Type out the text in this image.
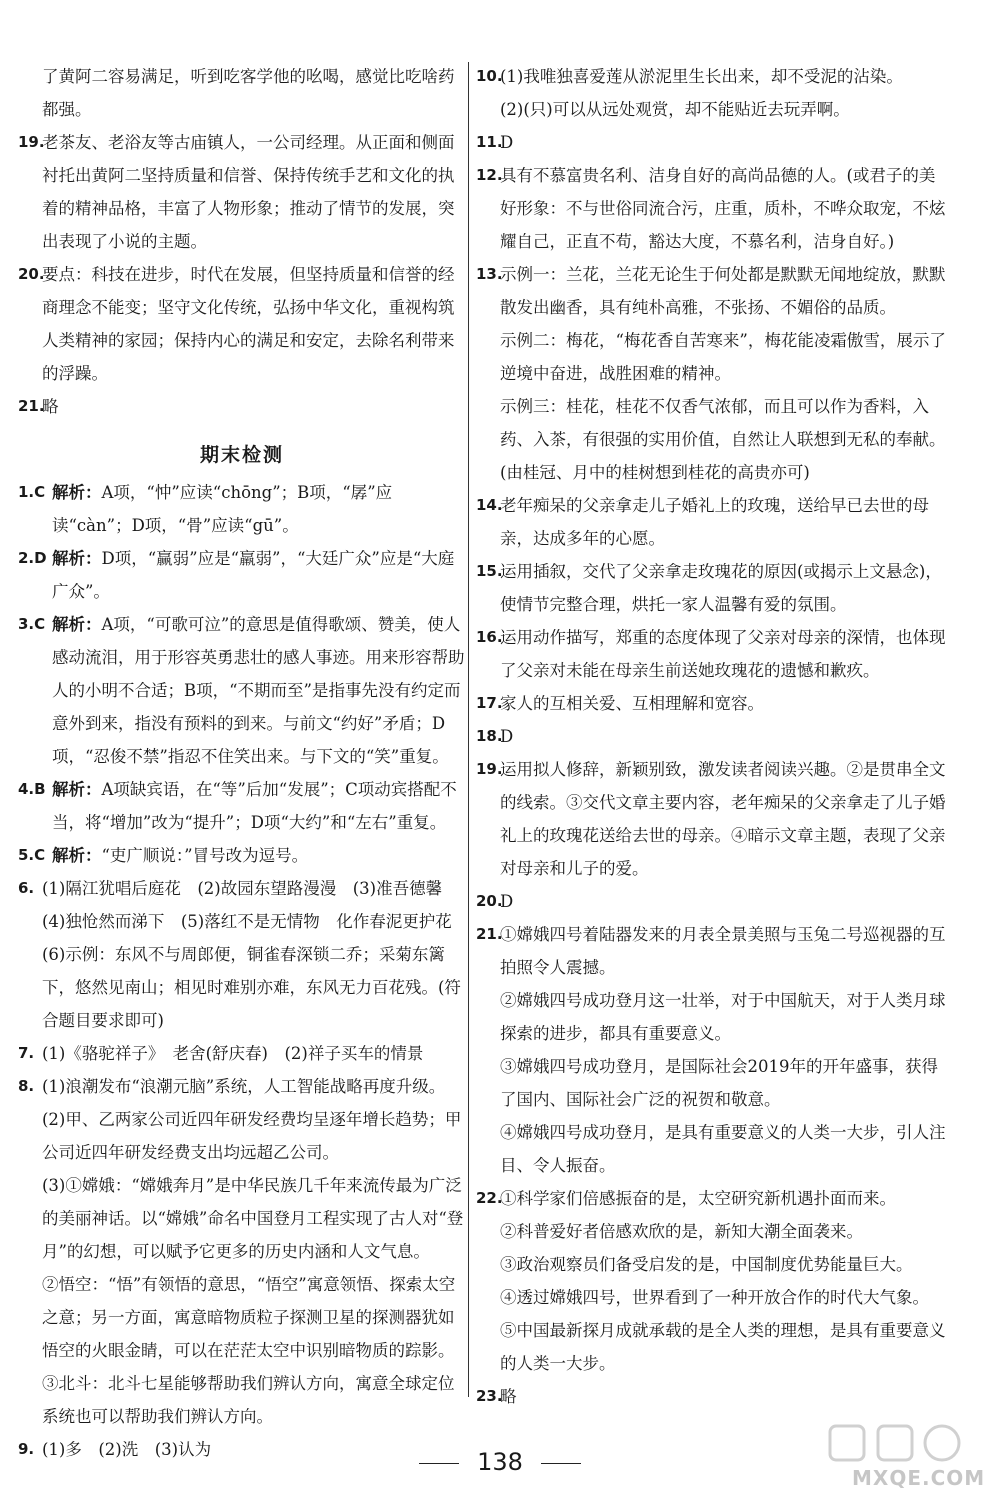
了黄阿二容易满足，听到吃客学他的吆喝，感觉比吃啥药都强。
19.
老茶友、老浴友等古庙镇人，一公司经理。从正面和侧面衬托出黄阿二坚持质量和信誉、保持传统手艺和文化的执着的精神品格，丰富了人物形象；推动了情节的发展，突出表现了小说的主题。
20.
要点：科技在进步，时代在发展，但坚持质量和信誉的经商理念不能变；坚守文化传统，弘扬中华文化，重视构筑人类精神的家园；保持内心的满足和安定，去除名利带来的浮躁。
21.
略
期末检测
1.C 解析：A项，“忡”应读“chōng”；B项，“孱”应读“càn”；D项，“骨”应读“gū”。
2.D 解析：D项，“赢弱”应是“羸弱”，“大廷广众”应是“大庭广众”。
3.C 解析：A项，“可歌可泣”的意思是值得歌颂、赞美，使人感动流泪，用于形容英勇悲壮的感人事迹。用来形容帮助人的小明不合适；B项，“不期而至”是指事先没有约定而意外到来，指没有预料的到来。与前文“约好”矛盾；D项，“忍俊不禁”指忍不住笑出来。与下文的“笑”重复。
4.B 解析：A项缺宾语，在“等”后加“发展”；C项动宾搭配不当，将“增加”改为“提升”；D项“大约”和“左右”重复。
5.C 解析：“吏广顺说：”冒号改为逗号。
6. (1)隔江犹唱后庭花　(2)故园东望路漫漫　(3)准吾德馨
(4)独怆然而涕下　(5)落红不是无情物　化作春泥更护花
(6)示例：东风不与周郎便，铜雀春深锁二乔；采菊东篱下，悠然见南山；相见时难别亦难，东风无力百花残。(符合题目要求即可)
7. (1)《骆驼祥子》　老舍(舒庆春)　(2)祥子买车的情景
8. (1)浪潮发布“浪潮元脑”系统，人工智能战略再度升级。
(2)甲、乙两家公司近四年研发经费均呈逐年增长趋势；甲公司近四年研发经费支出均远超乙公司。
(3)①嫦娥：“嫦娥奔月”是中华民族几千年来流传最为广泛的美丽神话。以“嫦娥”命名中国登月工程实现了古人对“登月”的幻想，可以赋予它更多的历史内涵和人文气息。
②悟空：“悟”有领悟的意思，“悟空”寓意领悟、探索太空之意；另一方面，寓意暗物质粒子探测卫星的探测器犹如悟空的火眼金睛，可以在茫茫太空中识别暗物质的踪影。
③北斗：北斗七星能够帮助我们辨认方向，寓意全球定位系统也可以帮助我们辨认方向。
9. (1)多　(2)洗　(3)认为
10.
(1)我唯独喜爱莲从淤泥里生长出来，却不受泥的沾染。
(2)(只)可以从远处观赏，却不能贴近去玩弄啊。
11.
D
12.
具有不慕富贵名利、洁身自好的高尚品德的人。(或君子的美好形象：不与世俗同流合污，庄重，质朴，不哗众取宠，不炫耀自己，正直不苟，豁达大度，不慕名利，洁身自好。)
13.
示例一：兰花，兰花无论生于何处都是默默无闻地绽放，默默散发出幽香，具有纯朴高雅，不张扬、不媚俗的品质。
示例二：梅花，“梅花香自苦寒来”，梅花能凌霜傲雪，展示了逆境中奋进，战胜困难的精神。
示例三：桂花，桂花不仅香气浓郁，而且可以作为香料，入药、入茶，有很强的实用价值，自然让人联想到无私的奉献。(由桂冠、月中的桂树想到桂花的高贵亦可)
14.
老年痴呆的父亲拿走儿子婚礼上的玫瑰，送给早已去世的母亲，达成多年的心愿。
15.
运用插叙，交代了父亲拿走玫瑰花的原因(或揭示上文悬念)，使情节完整合理，烘托一家人温馨有爱的氛围。
16.
运用动作描写，郑重的态度体现了父亲对母亲的深情，也体现了父亲对未能在母亲生前送她玫瑰花的遗憾和歉疚。
17.
家人的互相关爱、互相理解和宽容。
18.
D
19.
运用拟人修辞，新颖别致，激发读者阅读兴趣。②是贯串全文的线索。③交代文章主要内容，老年痴呆的父亲拿走了儿子婚礼上的玫瑰花送给去世的母亲。④暗示文章主题，表现了父亲对母亲和儿子的爱。
20.
D
21.
①嫦娥四号着陆器发来的月表全景美照与玉兔二号巡视器的互拍照令人震撼。
②嫦娥四号成功登月这一壮举，对于中国航天，对于人类月球探索的进步，都具有重要意义。
③嫦娥四号成功登月，是国际社会2019年的开年盛事，获得了国内、国际社会广泛的祝贺和敬意。
④嫦娥四号成功登月，是具有重要意义的人类一大步，引人注目、令人振奋。
22.
①科学家们倍感振奋的是，太空研究新机遇扑面而来。
②科普爱好者倍感欢欣的是，新知大潮全面袭来。
③政治观察员们备受启发的是，中国制度优势能量巨大。
④透过嫦娥四号，世界看到了一种开放合作的时代大气象。
⑤中国最新探月成就承载的是全人类的理想，是具有重要意义的人类一大步。
23.
略
138
MXQE.COM
